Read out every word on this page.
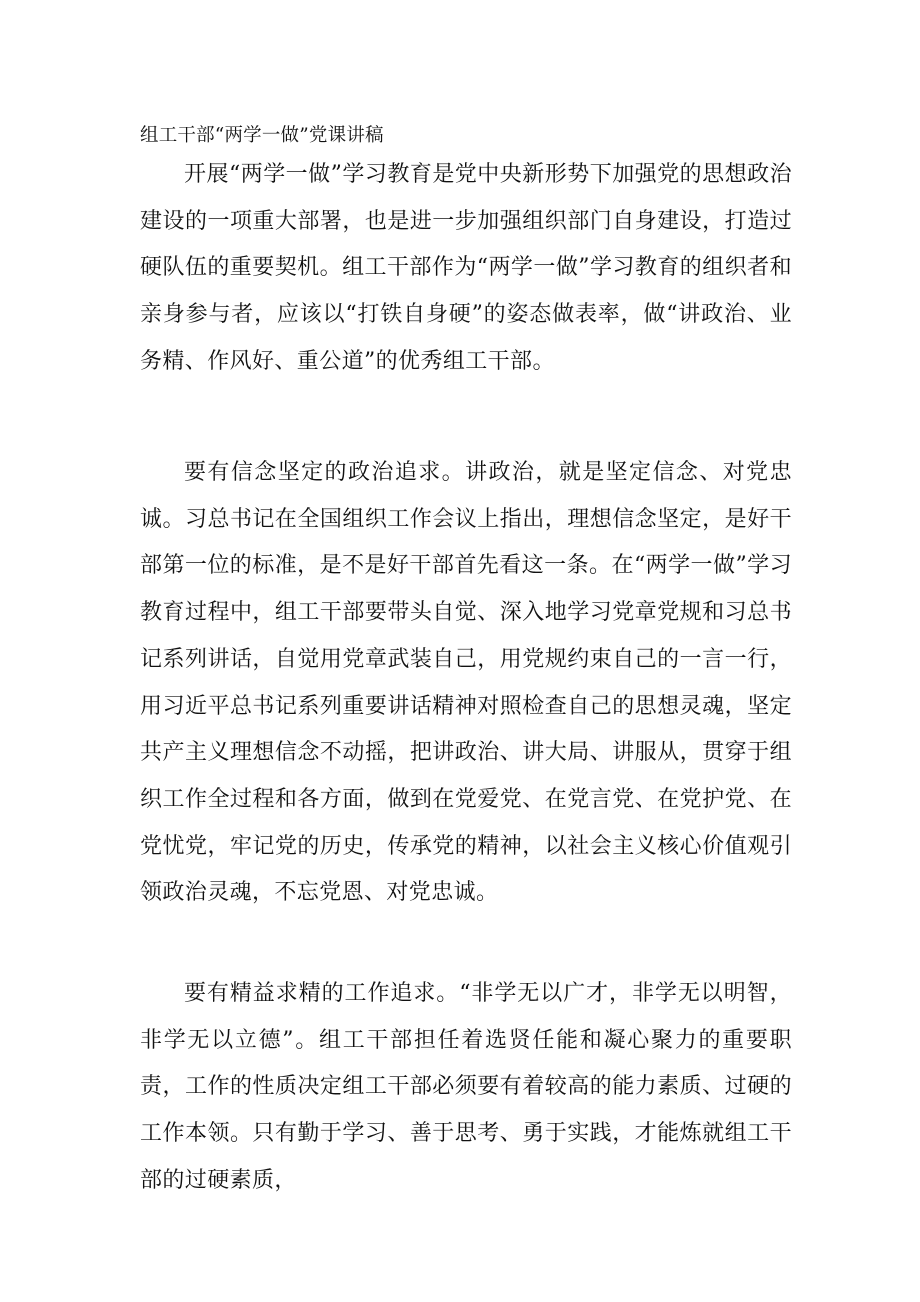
组工干部“两学一做”党课讲稿

开展“两学一做”学习教育是党中央新形势下加强党的思想政治建设的一项重大部署，也是进一步加强组织部门自身建设，打造过硬队伍的重要契机。组工干部作为“两学一做”学习教育的组织者和亲身参与者，应该以“打铁自身硬”的姿态做表率，做“讲政治、业务精、作风好、重公道”的优秀组工干部。

要有信念坚定的政治追求。讲政治，就是坚定信念、对党忠诚。习总书记在全国组织工作会议上指出，理想信念坚定，是好干部第一位的标准，是不是好干部首先看这一条。在“两学一做”学习教育过程中，组工干部要带头自觉、深入地学习党章党规和习总书记系列讲话，自觉用党章武装自己，用党规约束自己的一言一行，用习近平总书记系列重要讲话精神对照检查自己的思想灵魂，坚定共产主义理想信念不动摇，把讲政治、讲大局、讲服从，贯穿于组织工作全过程和各方面，做到在党爱党、在党言党、在党护党、在党忧党，牢记党的历史，传承党的精神，以社会主义核心价值观引领政治灵魂，不忘党恩、对党忠诚。

要有精益求精的工作追求。“非学无以广才，非学无以明智，非学无以立德”。组工干部担任着选贤任能和凝心聚力的重要职责，工作的性质决定组工干部必须要有着较高的能力素质、过硬的工作本领。只有勤于学习、善于思考、勇于实践，才能炼就组工干部的过硬素质，
